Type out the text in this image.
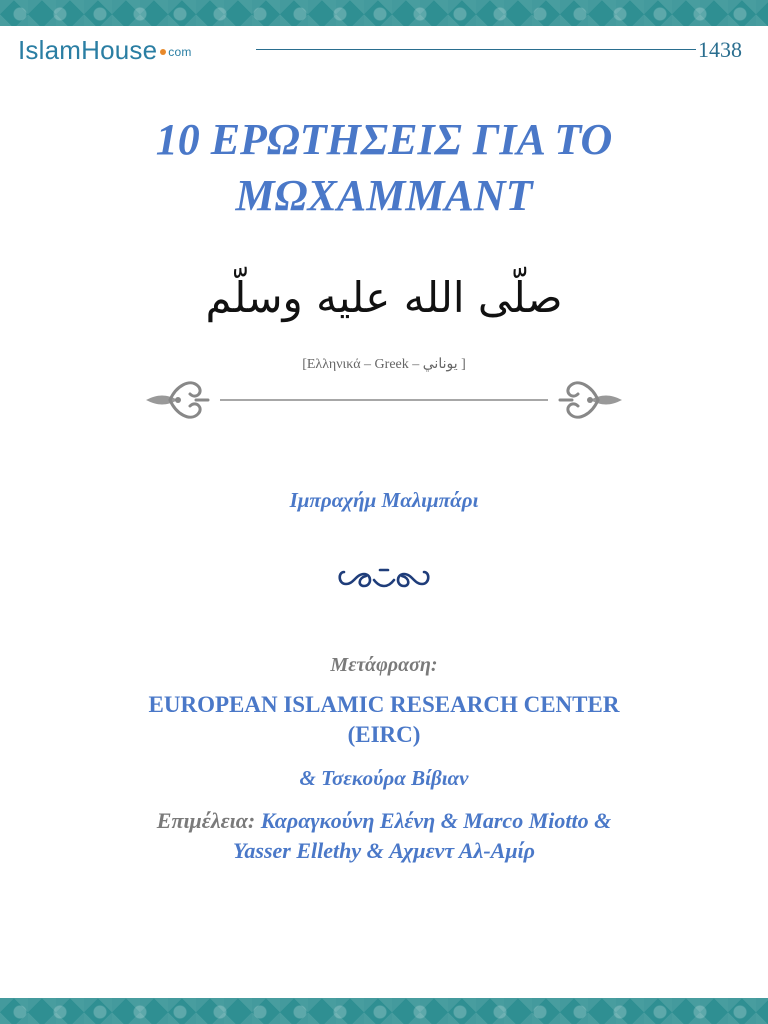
IslamHouse com	1438
10 ΕΡΩΤΗΣΕΙΣ ΓΙΑ ΤΟ
ΜΩΧΑΜΜΑΝΤ
صلّى الله عليه وسلّم
[Ελληνικά – Greek – يوناني ]
Ιμπραχήμ Μαλιμπάρι
Μετάφραση:
EUROPEAN ISLAMIC RESEARCH CENTER
(EIRC)
& Τσεκούρα Βίβιαν
Επιμέλεια: Καραγκούνη Ελένη & Marco Miotto &
Yasser Ellethy & Αχμεντ Αλ-Αμίρ
